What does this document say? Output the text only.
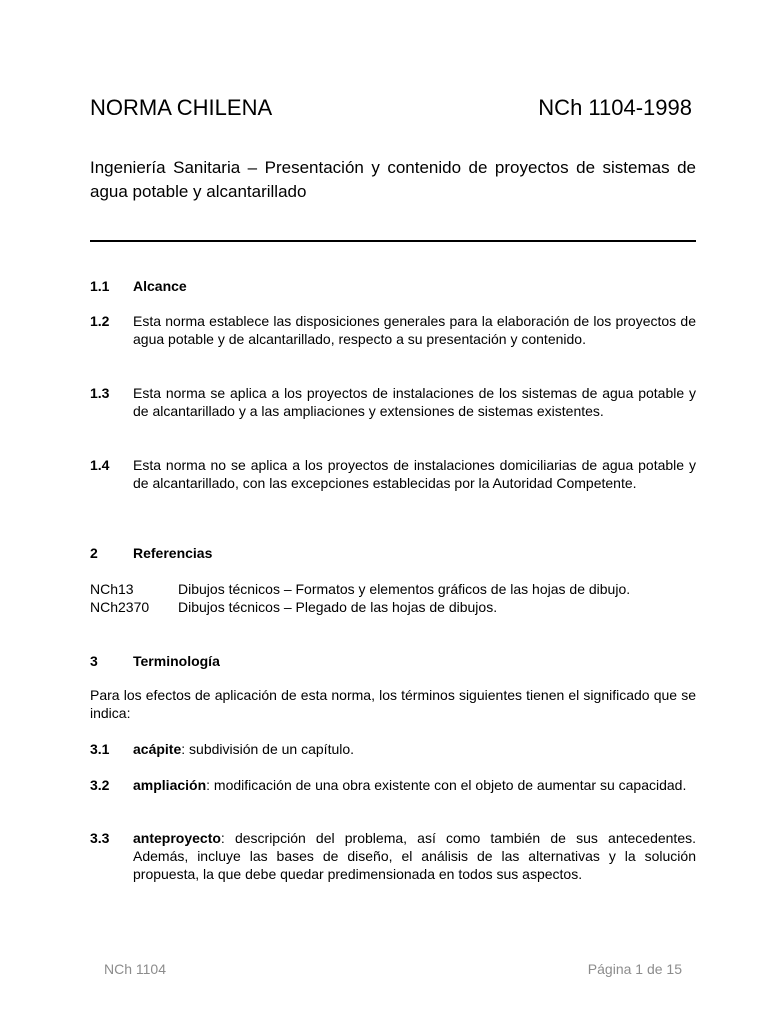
NORMA CHILENA	NCh 1104-1998
Ingeniería Sanitaria – Presentación y contenido de proyectos de sistemas de agua potable y alcantarillado
1.1 Alcance
1.2 Esta norma establece las disposiciones generales para la elaboración de los proyectos de agua potable y de alcantarillado, respecto a su presentación y contenido.
1.3 Esta norma se aplica a los proyectos de instalaciones de los sistemas de agua potable y de alcantarillado y a las ampliaciones y extensiones de sistemas existentes.
1.4 Esta norma no se aplica a los proyectos de instalaciones domiciliarias de agua potable y de alcantarillado, con las excepciones establecidas por la Autoridad Competente.
2	Referencias
NCh13	Dibujos técnicos – Formatos y elementos gráficos de las hojas de dibujo.
NCh2370 Dibujos técnicos – Plegado de las hojas de dibujos.
3	Terminología
Para los efectos de aplicación de esta norma, los términos siguientes tienen el significado que se indica:
3.1 acápite: subdivisión de un capítulo.
3.2 ampliación: modificación de una obra existente con el objeto de aumentar su capacidad.
3.3 anteproyecto: descripción del problema, así como también de sus antecedentes. Además, incluye las bases de diseño, el análisis de las alternativas y la solución propuesta, la que debe quedar predimensionada en todos sus aspectos.
NCh 1104	Página 1 de 15
